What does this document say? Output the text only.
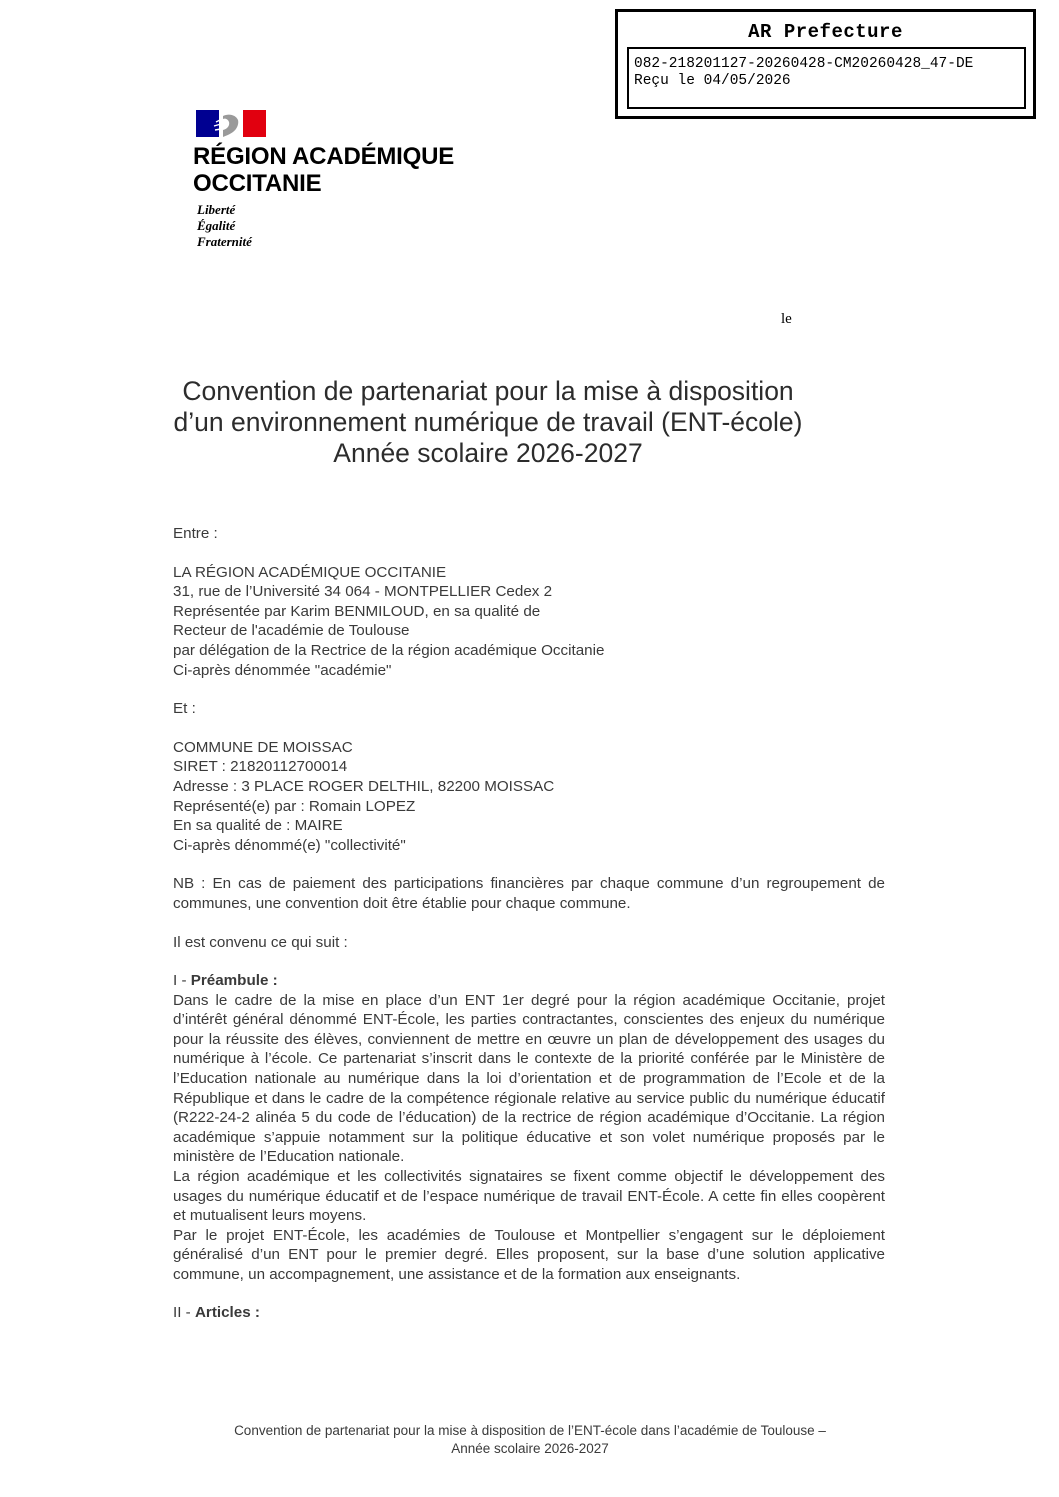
AR Prefecture
082-218201127-20260428-CM20260428_47-DE
Reçu le 04/05/2026
RÉGION ACADÉMIQUE
OCCITANIE
Liberté
Égalité
Fraternité
le
Convention de partenariat pour la mise à disposition
d’un environnement numérique de travail (ENT-école)
Année scolaire 2026-2027

Entre :

LA RÉGION ACADÉMIQUE OCCITANIE

31, rue de l’Université 34 064 - MONTPELLIER Cedex 2

Représentée par Karim BENMILOUD, en sa qualité de

Recteur de l'académie de Toulouse

par délégation de la Rectrice de la région académique Occitanie

Ci-après dénommée "académie"

Et :

COMMUNE DE MOISSAC

SIRET : 21820112700014

Adresse : 3 PLACE ROGER DELTHIL, 82200 MOISSAC

Représenté(e) par : Romain LOPEZ

En sa qualité de : MAIRE

Ci-après dénommé(e) "collectivité"

NB : En cas de paiement des participations financières par chaque commune d’un regroupement de communes, une convention doit être établie pour chaque commune.

Il est convenu ce qui suit :

I - Préambule :

Dans le cadre de la mise en place d’un ENT 1er degré pour la région académique Occitanie, projet d’intérêt général dénommé ENT-École, les parties contractantes, conscientes des enjeux du numérique pour la réussite des élèves, conviennent de mettre en œuvre un plan de développement des usages du numérique à l’école. Ce partenariat s’inscrit dans le contexte de la priorité conférée par le Ministère de l’Education nationale au numérique dans la loi d’orientation et de programmation de l’Ecole et de la République et dans le cadre de la compétence régionale relative au service public du numérique éducatif (R222-24-2 alinéa 5 du code de l’éducation) de la rectrice de région académique d’Occitanie. La région académique s’appuie notamment sur la politique éducative et son volet numérique proposés par le ministère de l’Education nationale.

La région académique et les collectivités signataires se fixent comme objectif le développement des usages du numérique éducatif et de l’espace numérique de travail ENT-École. A cette fin elles coopèrent et mutualisent leurs moyens.

Par le projet ENT-École, les académies de Toulouse et Montpellier s’engagent sur le déploiement généralisé d’un ENT pour le premier degré. Elles proposent, sur la base d’une solution applicative commune, un accompagnement, une assistance et de la formation aux enseignants.

II - Articles :

Convention de partenariat pour la mise à disposition de l’ENT-école dans l’académie de Toulouse –
Année scolaire 2026-2027
